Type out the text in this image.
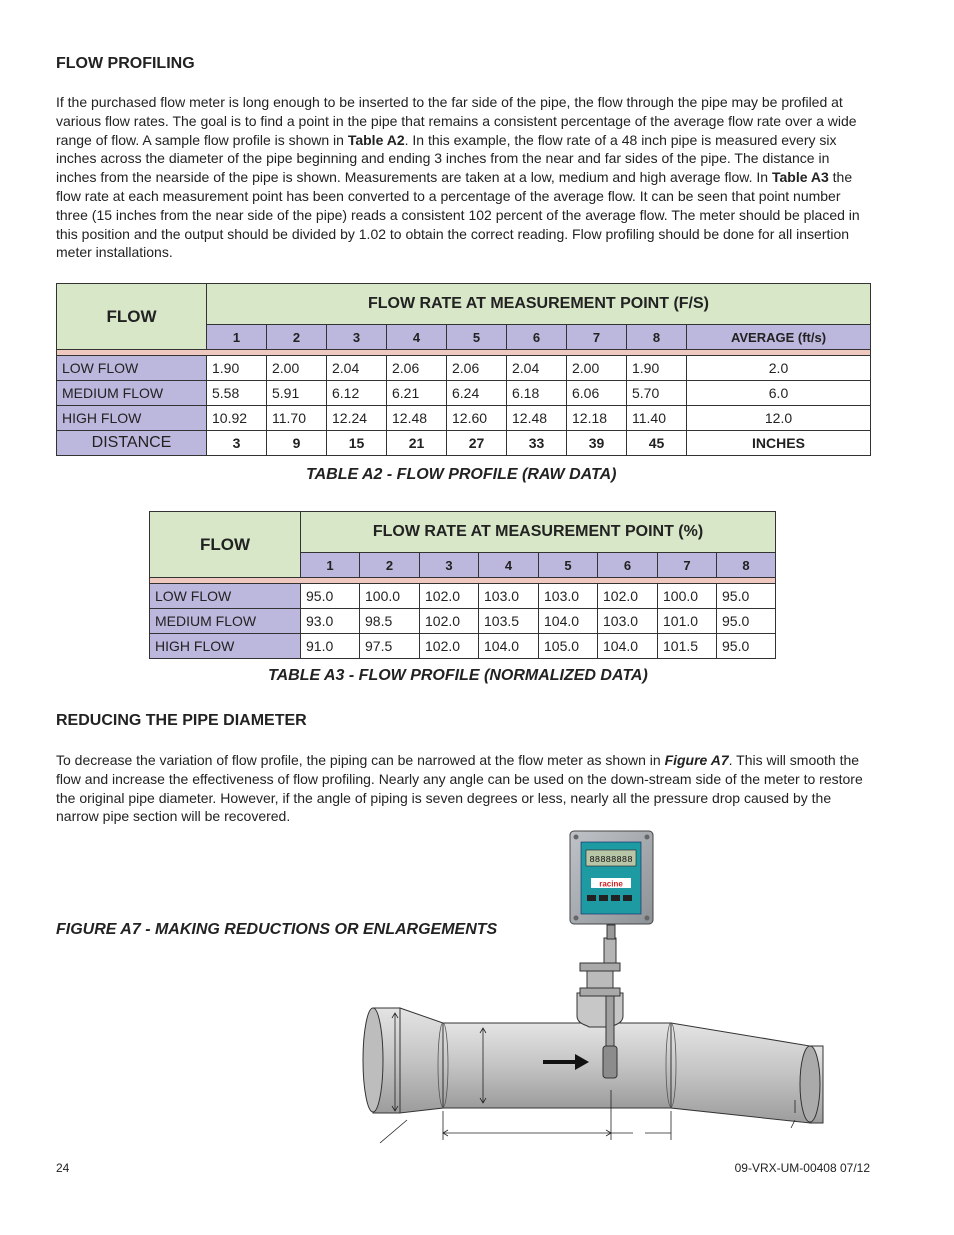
FLOW PROFILING

If the purchased flow meter is long enough to be inserted to the far side of the pipe, the flow through the pipe may be profiled at various flow rates. The goal is to find a point in the pipe that remains a consistent percentage of the average flow rate over a wide range of flow. A sample flow profile is shown in Table A2. In this example, the flow rate of a 48 inch pipe is measured every six inches across the diameter of the pipe beginning and ending 3 inches from the near and far sides of the pipe. The distance in inches from the nearside of the pipe is shown. Measurements are taken at a low, medium and high average flow. In Table A3 the flow rate at each measurement point has been converted to a percentage of the average flow. It can be seen that point number three (15 inches from the near side of the pipe) reads a consistent 102 percent of the average flow. The meter should be placed in this position and the output should be divided by 1.02 to obtain the correct reading. Flow profiling should be done for all insertion meter installations.

FLOW	FLOW RATE AT MEASUREMENT POINT (F/S)								
	1	2	3	4	5	6	7	8	AVERAGE (ft/s)

LOW FLOW	1.90	2.00	2.04	2.06	2.06	2.04	2.00	1.90	2.0
MEDIUM FLOW	5.58	5.91	6.12	6.21	6.24	6.18	6.06	5.70	6.0
HIGH FLOW	10.92	11.70	12.24	12.48	12.60	12.48	12.18	11.40	12.0
DISTANCE	3	9	15	21	27	33	39	45	INCHES
TABLE A2 - FLOW PROFILE (RAW DATA)
FLOW	FLOW RATE AT MEASUREMENT POINT (%)							
	1	2	3	4	5	6	7	8

LOW FLOW	95.0	100.0	102.0	103.0	103.0	102.0	100.0	95.0
MEDIUM FLOW	93.0	98.5	102.0	103.5	104.0	103.0	101.0	95.0
HIGH FLOW	91.0	97.5	102.0	104.0	105.0	104.0	101.5	95.0
TABLE A3 - FLOW PROFILE (NORMALIZED DATA)
REDUCING THE PIPE DIAMETER

To decrease the variation of flow profile, the piping can be narrowed at the flow meter as shown in Figure A7. This will smooth the flow and increase the effectiveness of flow profiling. Nearly any angle can be used on the down-stream side of the meter to restore the original pipe diameter. However, if the angle of piping is seven degrees or less, nearly all the pressure drop caused by the narrow pipe section will be recovered.

FIGURE A7 - MAKING REDUCTIONS OR ENLARGEMENTS
88888888
racine
24	09-VRX-UM-00408 07/12
